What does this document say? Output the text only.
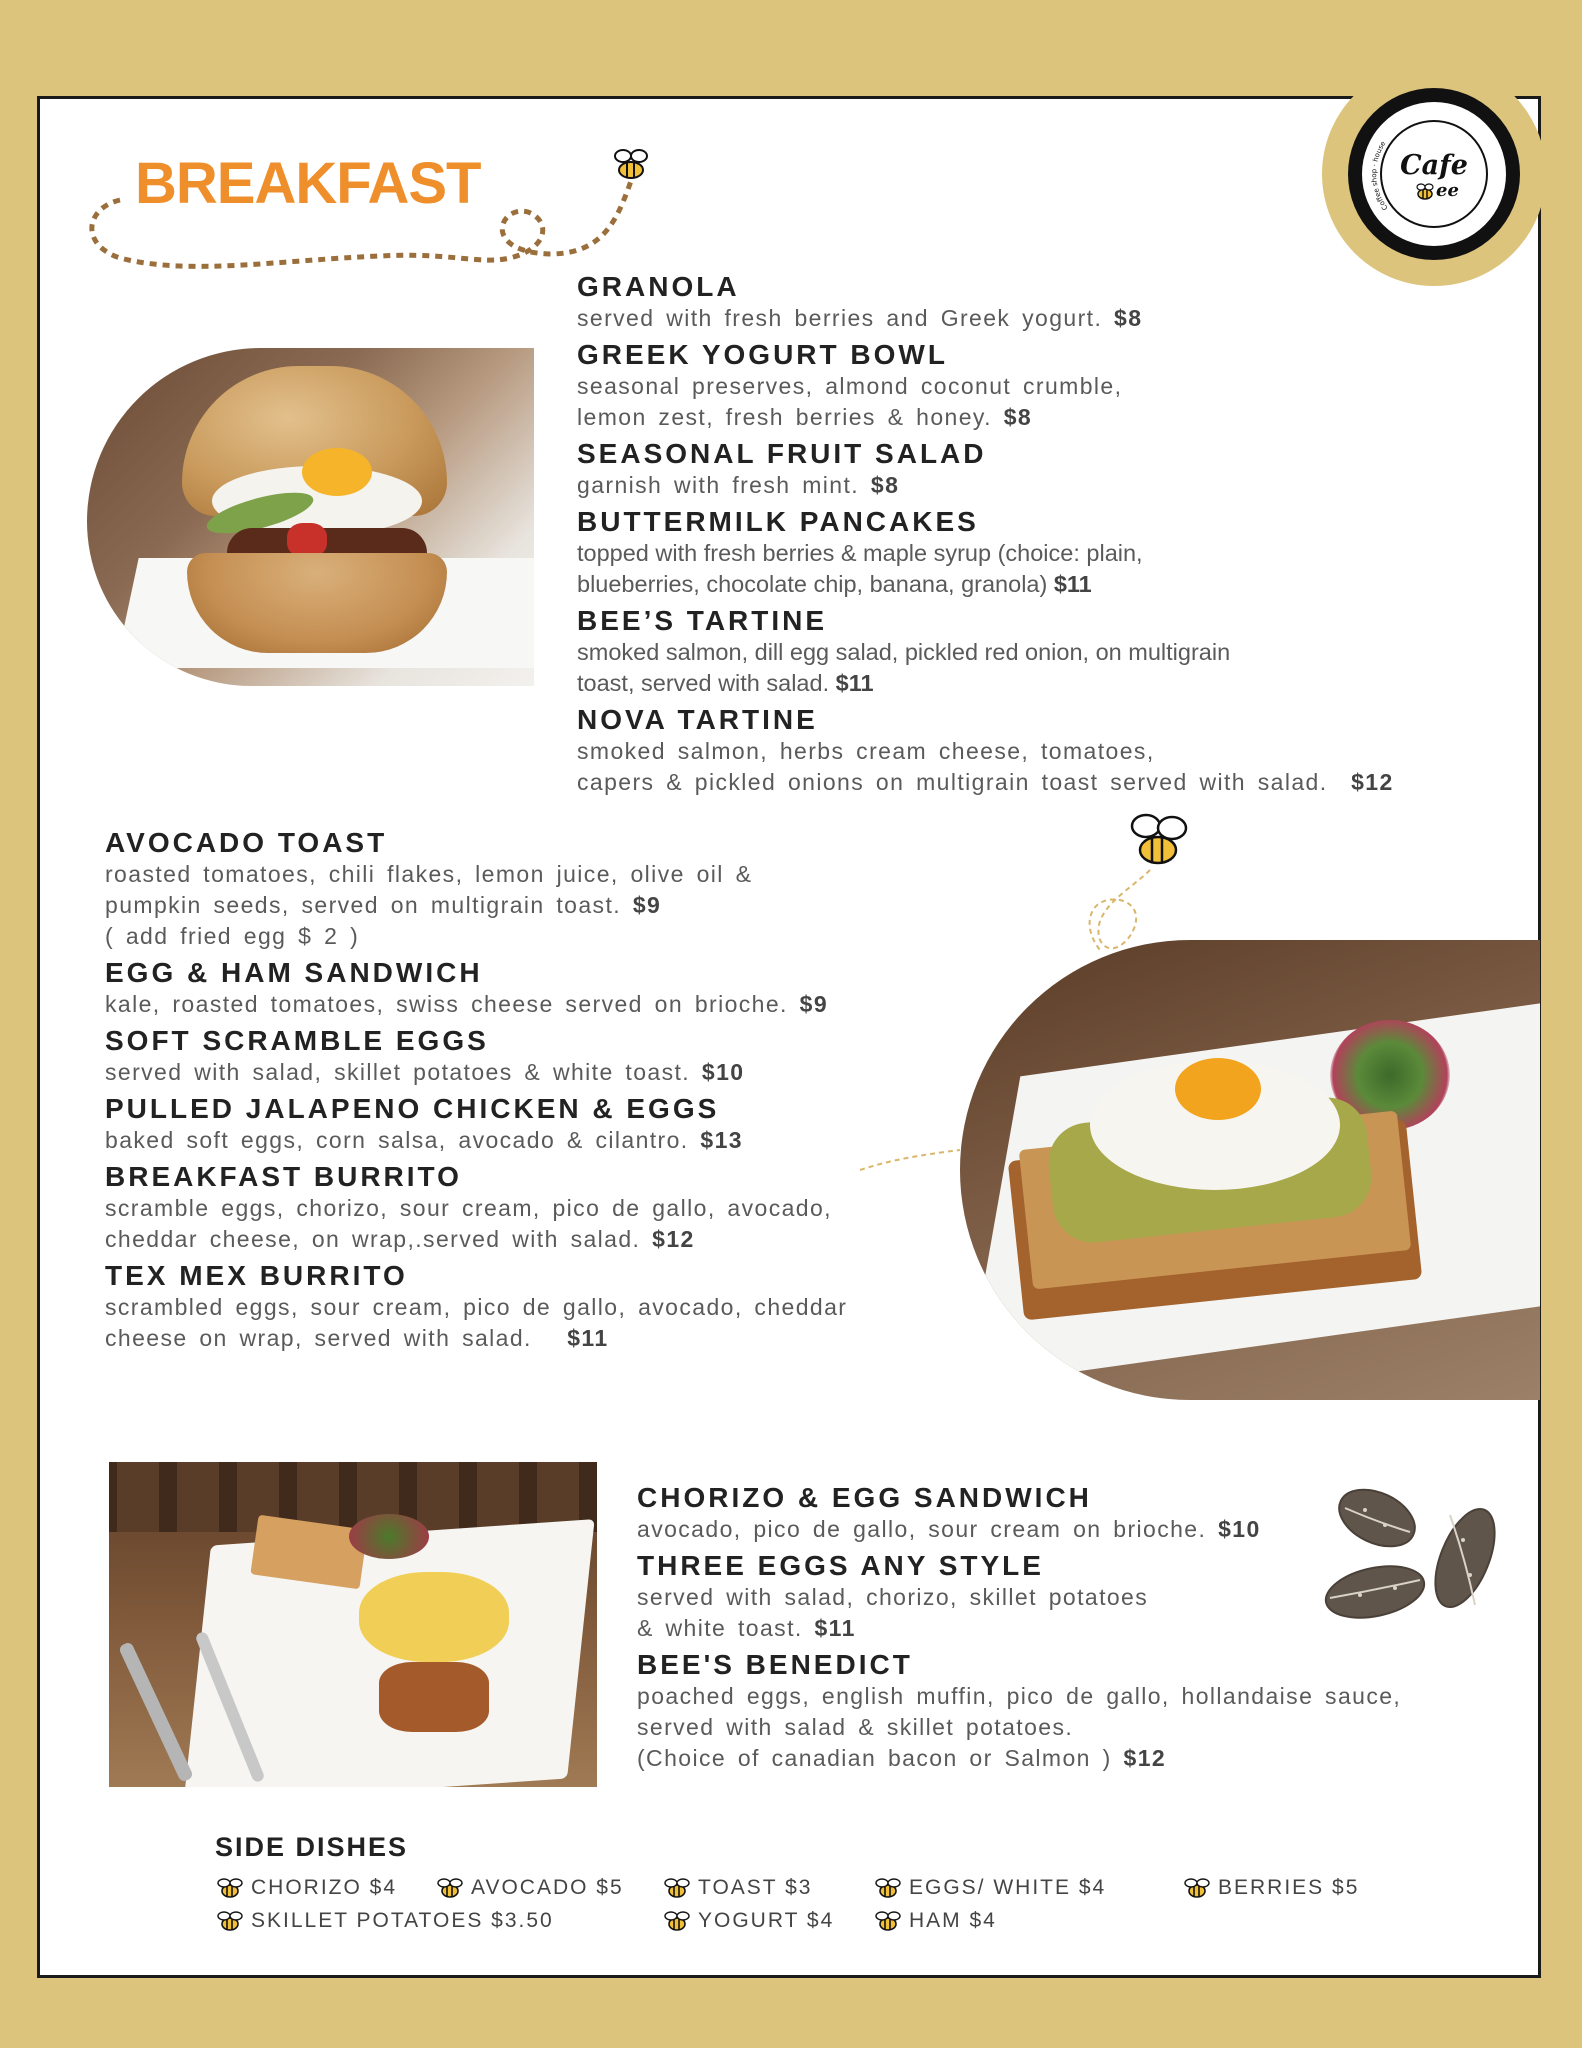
Cafe
ee
Coffee shop · house
BREAKFAST
GRANOLA
served with fresh berries and Greek yogurt. $8
GREEK YOGURT BOWL
seasonal preserves, almond coconut crumble,
lemon zest, fresh berries & honey. $8
SEASONAL FRUIT SALAD
garnish with fresh mint. $8
BUTTERMILK PANCAKES
topped with fresh berries & maple syrup (choice: plain,
blueberries, chocolate chip, banana, granola) $11
BEE’S TARTINE
smoked salmon, dill egg salad, pickled red onion, on multigrain
toast, served with salad. $11
NOVA TARTINE
smoked salmon, herbs cream cheese, tomatoes,
capers & pickled onions on multigrain toast served with salad. $12
AVOCADO TOAST
roasted tomatoes, chili flakes, lemon juice, olive oil &
pumpkin seeds, served on multigrain toast. $9
( add fried egg $ 2 )
EGG & HAM SANDWICH
kale, roasted tomatoes, swiss cheese served on brioche. $9
SOFT SCRAMBLE EGGS
served with salad, skillet potatoes & white toast. $10
PULLED JALAPENO CHICKEN & EGGS
baked soft eggs, corn salsa, avocado & cilantro. $13
BREAKFAST BURRITO
scramble eggs, chorizo, sour cream, pico de gallo, avocado,
cheddar cheese, on wrap,.served with salad. $12
TEX MEX BURRITO
scrambled eggs, sour cream, pico de gallo, avocado, cheddar
cheese on wrap, served with salad. $11
CHORIZO & EGG SANDWICH
avocado, pico de gallo, sour cream on brioche. $10
THREE EGGS ANY STYLE
served with salad, chorizo, skillet potatoes
& white toast. $11
BEE'S BENEDICT
poached eggs, english muffin, pico de gallo, hollandaise sauce,
served with salad & skillet potatoes.
(Choice of canadian bacon or Salmon ) $12
SIDE DISHES
CHORIZO $4	AVOCADO $5	TOAST $3	EGGS/ WHITE $4	BERRIES $5
SKILLET POTATOES $3.50	YOGURT $4	HAM $4
